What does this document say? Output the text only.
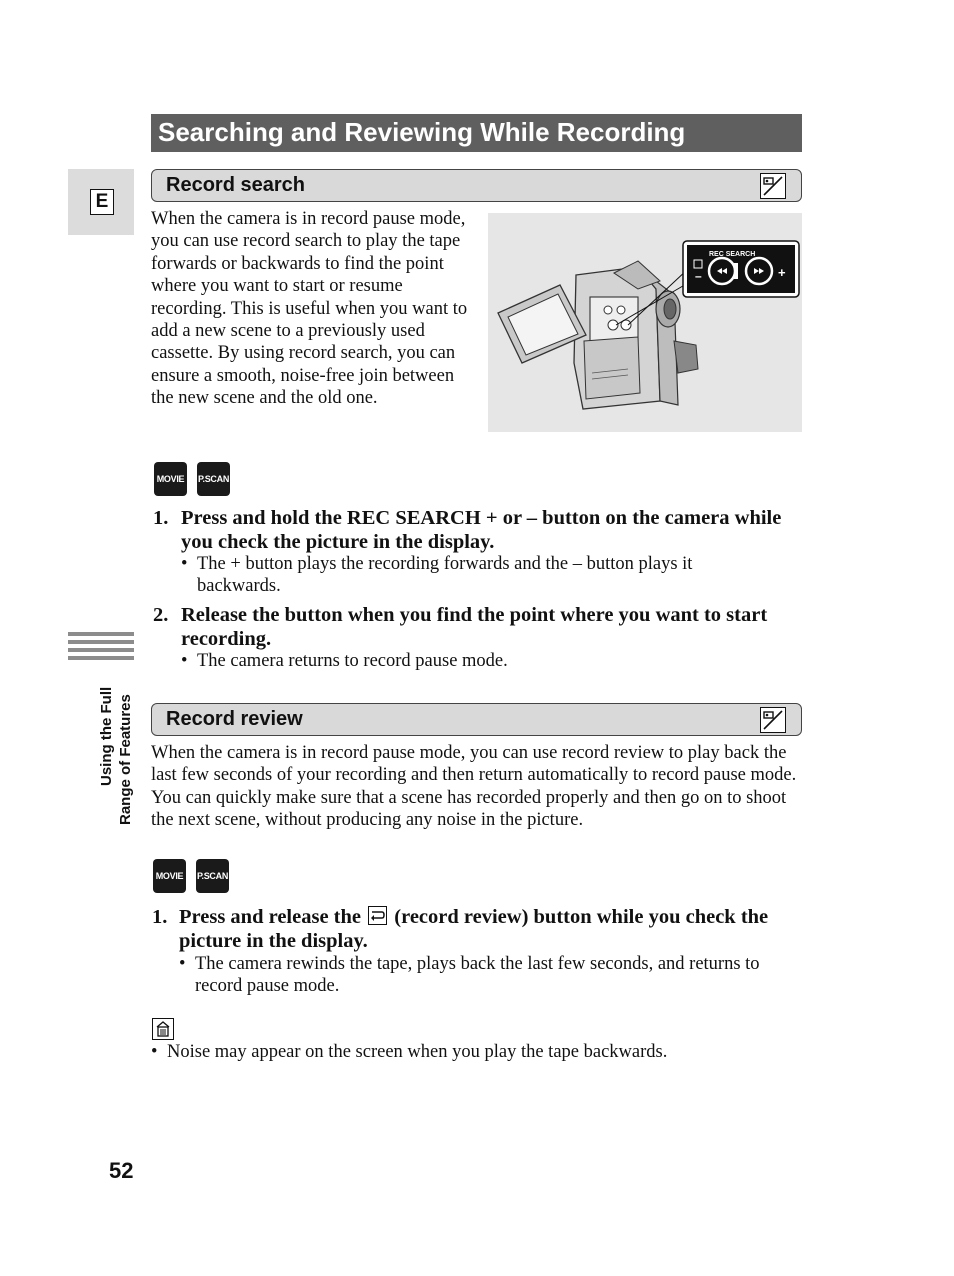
E
Using the Full Range of Features
Searching and Reviewing While Recording
Record search
When the camera is in record pause mode, you can use record search to play the tape forwards or backwards to find the point where you want to start or resume recording. This is useful when you want to add a new scene to a previously used cassette. By using record search, you can ensure a smooth, noise-free join between the new scene and the old one.
REC SEARCH
–	+
MOVIE	P.SCAN
1. Press and hold the REC SEARCH + or – button on the camera while you check the picture in the display.
• The + button plays the recording forwards and the – button plays it backwards.
2. Release the button when you find the point where you want to start recording.
• The camera returns to record pause mode.
Record review
When the camera is in record pause mode, you can use record review to play back the last few seconds of your recording and then return automatically to record pause mode. You can quickly make sure that a scene has recorded properly and then go on to shoot the next scene, without producing any noise in the picture.
MOVIE	P.SCAN
1. Press and release the (record review) button while you check the picture in the display.
• The camera rewinds the tape, plays back the last few seconds, and returns to record pause mode.
• Noise may appear on the screen when you play the tape backwards.
52
